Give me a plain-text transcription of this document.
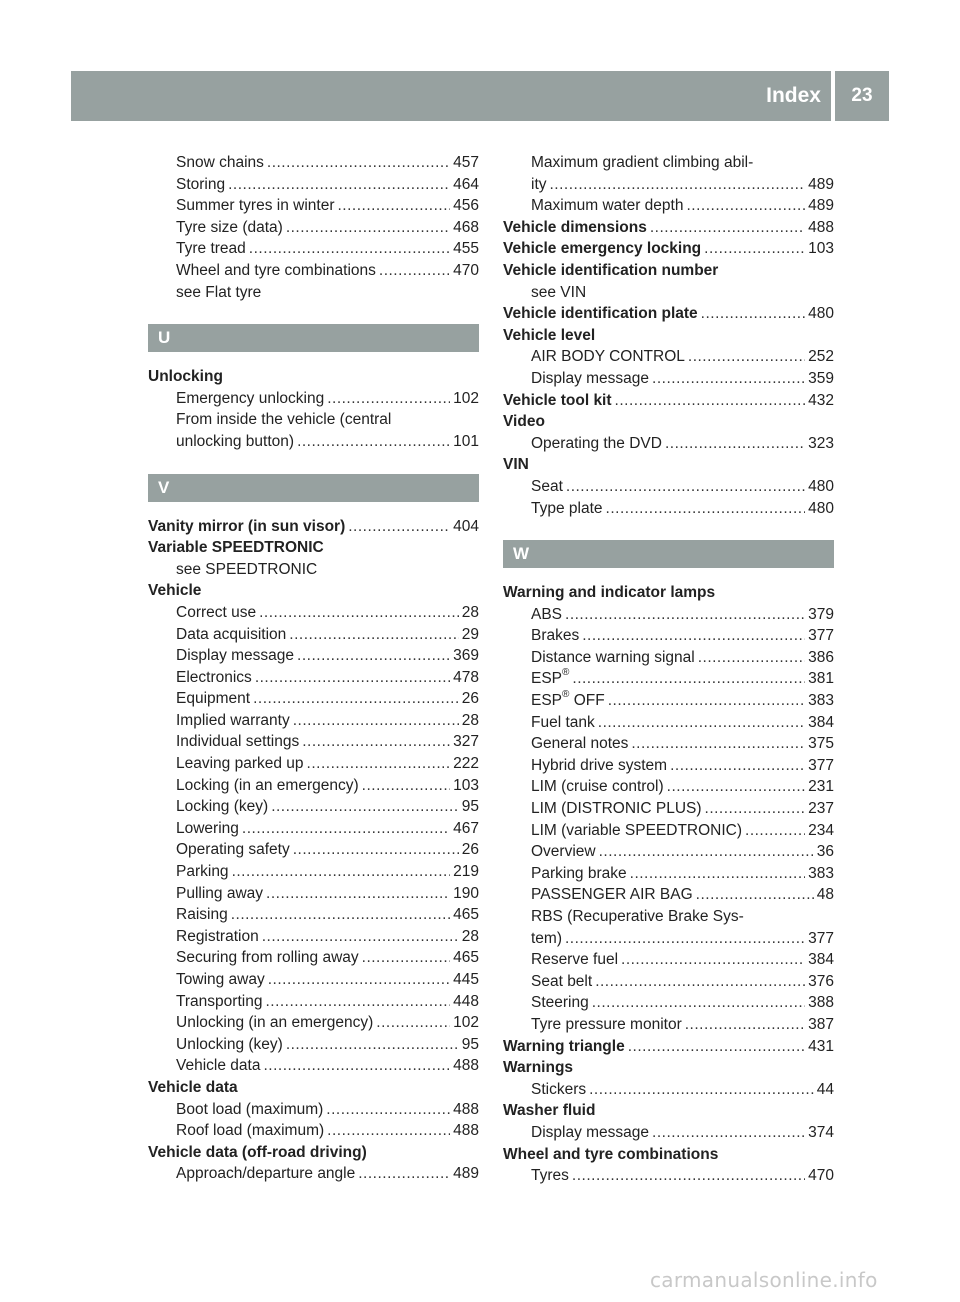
Index 23
Snow chains .....	457
Storing .....	464
Summer tyres in winter .....	456
Tyre size (data) .....	468
Tyre tread .....	455
Wheel and tyre combinations .....	470
see Flat tyre
U
Unlocking
Emergency unlocking .....	102
From inside the vehicle (central
unlocking button) .....	101
V
Vanity mirror (in sun visor) .....	404
Variable SPEEDTRONIC
see SPEEDTRONIC
Vehicle
Correct use .....	28
Data acquisition .....	29
Display message .....	369
Electronics .....	478
Equipment .....	26
Implied warranty .....	28
Individual settings .....	327
Leaving parked up .....	222
Locking (in an emergency) .....	103
Locking (key) .....	95
Lowering .....	467
Operating safety .....	26
Parking .....	219
Pulling away .....	190
Raising .....	465
Registration .....	28
Securing from rolling away .....	465
Towing away .....	445
Transporting .....	448
Unlocking (in an emergency) .....	102
Unlocking (key) .....	95
Vehicle data .....	488
Vehicle data
Boot load (maximum) .....	488
Roof load (maximum) .....	488
Vehicle data (off-road driving)
Approach/departure angle .....	489
Maximum gradient climbing abil-
ity .....	489
Maximum water depth .....	489
Vehicle dimensions .....	488
Vehicle emergency locking .....	103
Vehicle identification number
see VIN
Vehicle identification plate .....	480
Vehicle level
AIR BODY CONTROL .....	252
Display message .....	359
Vehicle tool kit .....	432
Video
Operating the DVD .....	323
VIN
Seat .....	480
Type plate .....	480
W
Warning and indicator lamps
ABS .....	379
Brakes .....	377
Distance warning signal .....	386
ESP® .....	381
ESP® OFF .....	383
Fuel tank .....	384
General notes .....	375
Hybrid drive system .....	377
LIM (cruise control) .....	231
LIM (DISTRONIC PLUS) .....	237
LIM (variable SPEEDTRONIC) .....	234
Overview .....	36
Parking brake .....	383
PASSENGER AIR BAG .....	48
RBS (Recuperative Brake Sys-
tem) .....	377
Reserve fuel .....	384
Seat belt .....	376
Steering .....	388
Tyre pressure monitor .....	387
Warning triangle .....	431
Warnings
Stickers .....	44
Washer fluid
Display message .....	374
Wheel and tyre combinations
Tyres .....	470
carmanualsonline.info
